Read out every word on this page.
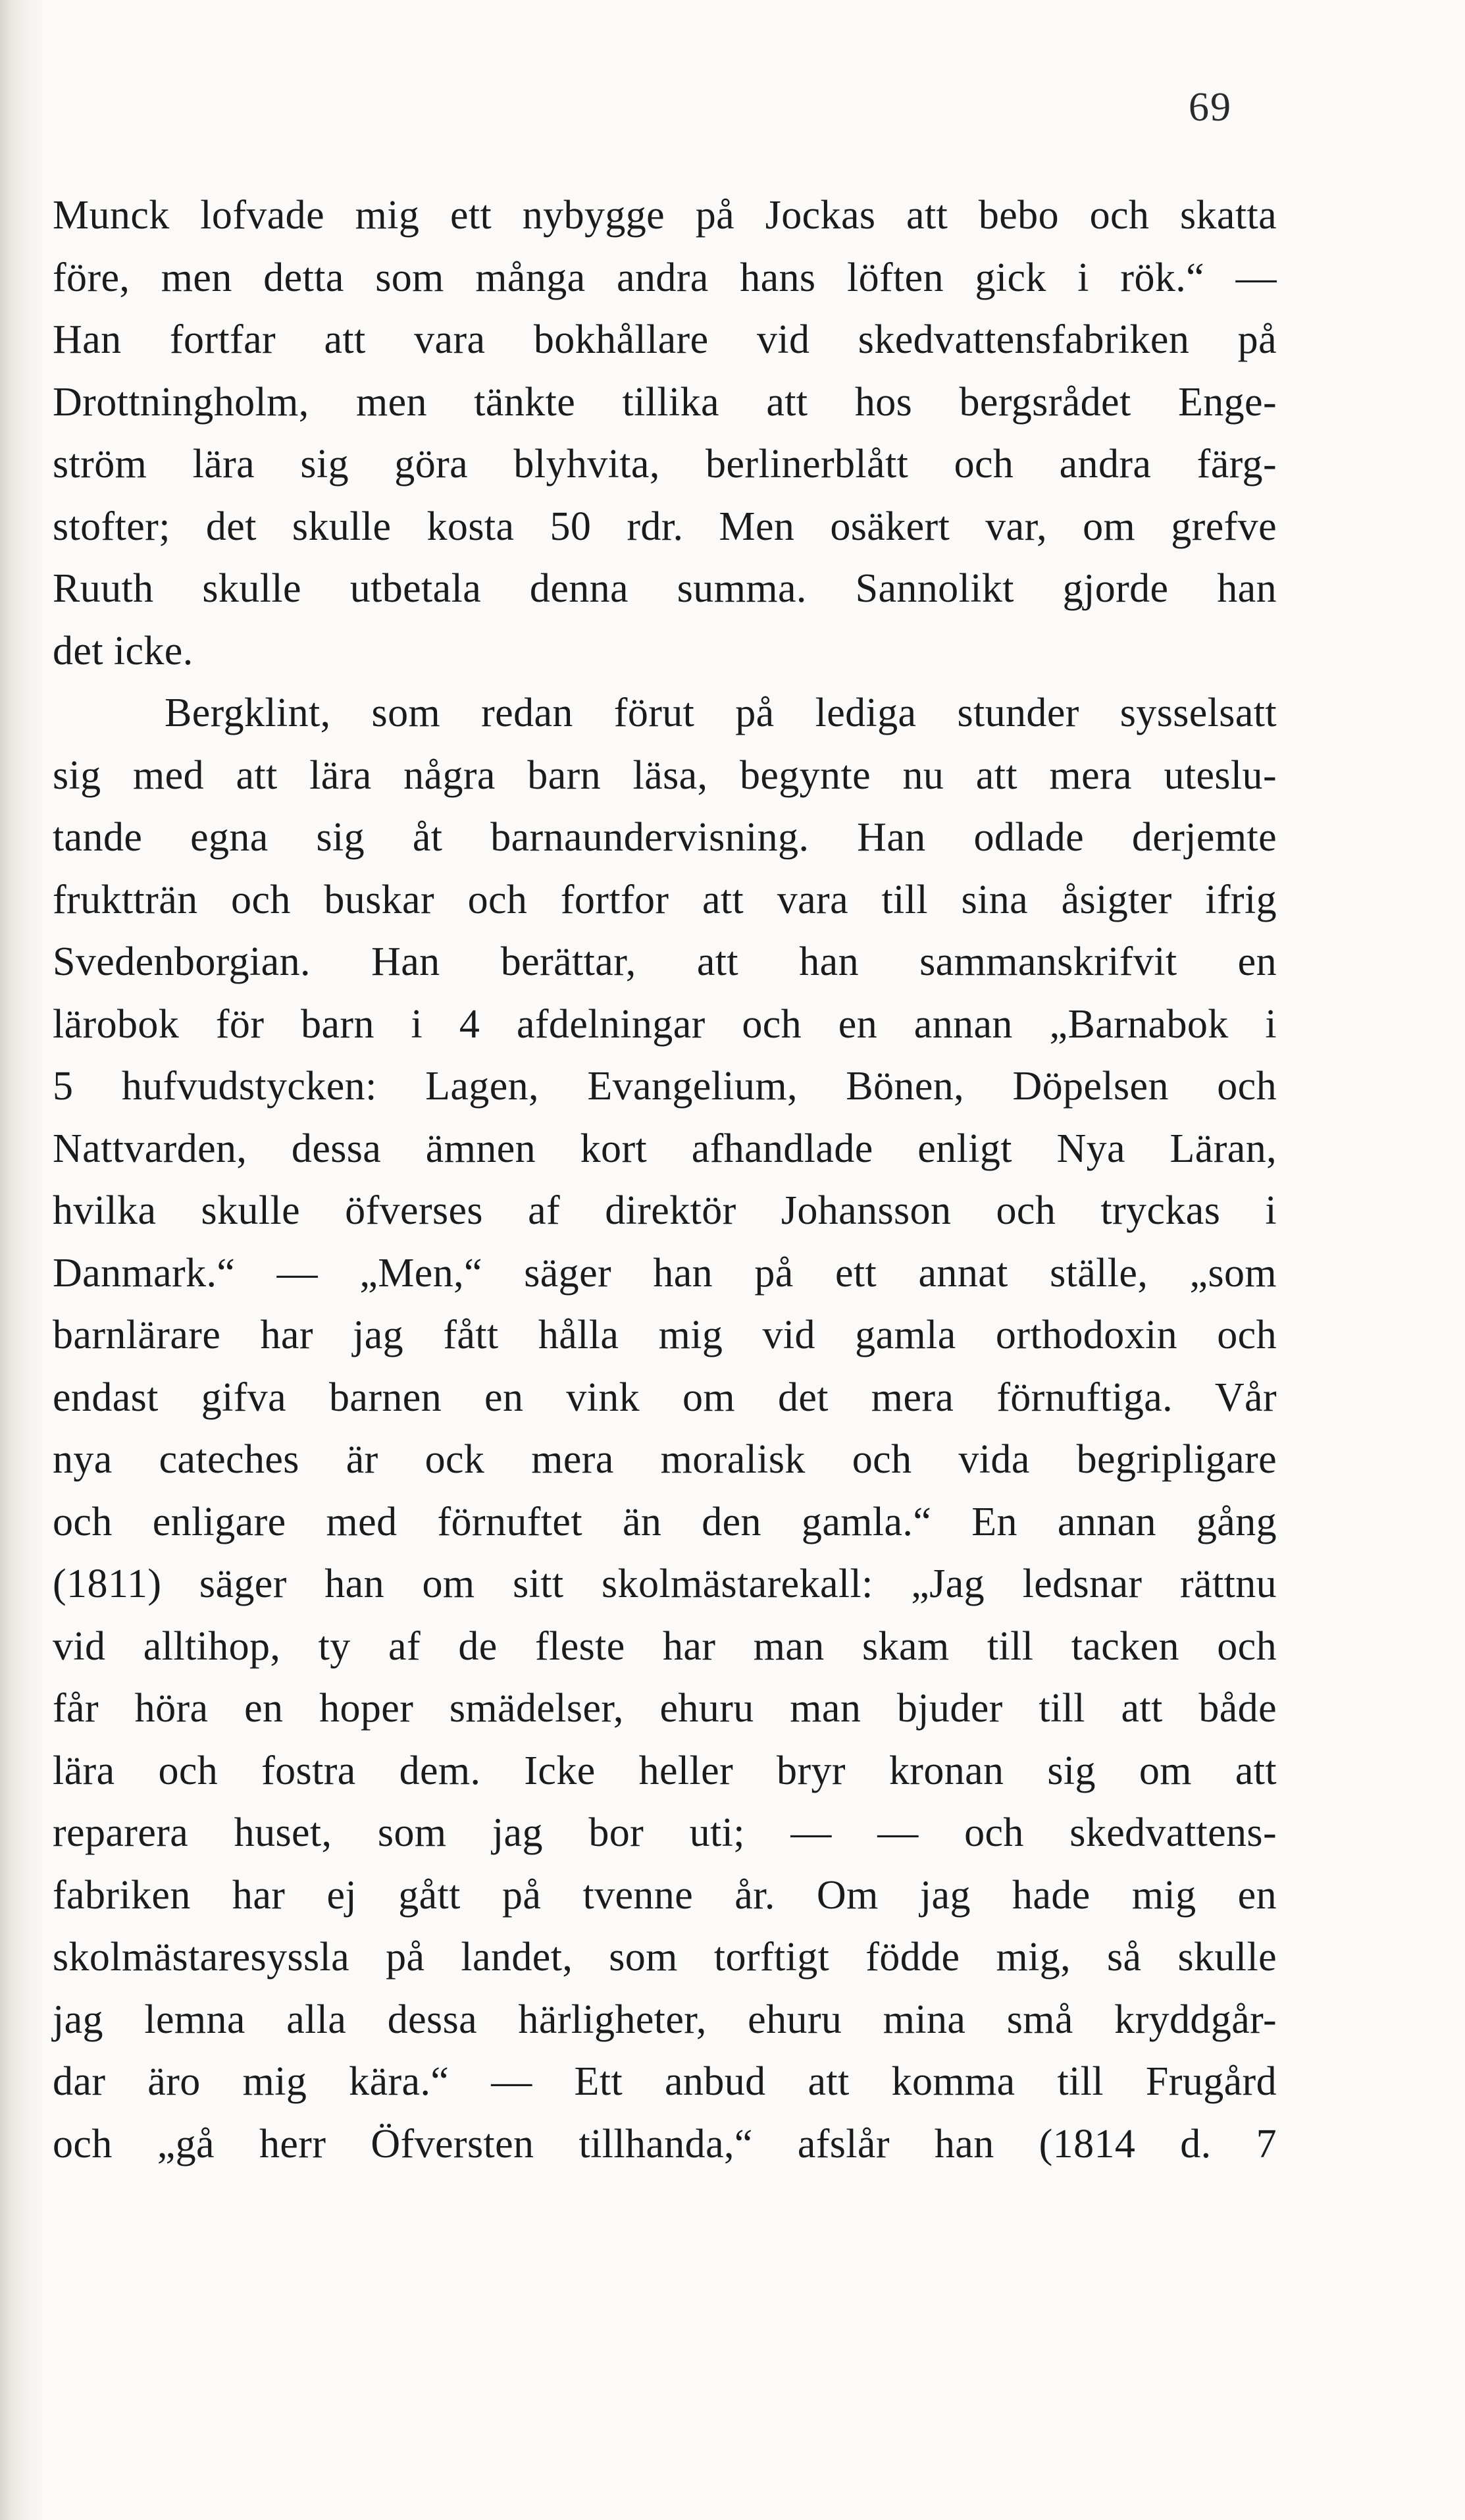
69
Munck lofvade mig ett nybygge på Jockas att bebo och skatta
före, men detta som många andra hans löften gick i rök.“ —
Han fortfar att vara bokhållare vid skedvattensfabriken på
Drottningholm, men tänkte tillika att hos bergsrådet Enge-
ström lära sig göra blyhvita, berlinerblått och andra färg-
stofter; det skulle kosta 50 rdr. Men osäkert var, om grefve
Ruuth skulle utbetala denna summa. Sannolikt gjorde han
det icke.
Bergklint, som redan förut på lediga stunder sysselsatt
sig med att lära några barn läsa, begynte nu att mera uteslu-
tande egna sig åt barnaundervisning. Han odlade derjemte
fruktträn och buskar och fortfor att vara till sina åsigter ifrig
Svedenborgian. Han berättar, att han sammanskrifvit en
lärobok för barn i 4 afdelningar och en annan „Barnabok i
5 hufvudstycken: Lagen, Evangelium, Bönen, Döpelsen och
Nattvarden, dessa ämnen kort afhandlade enligt Nya Läran,
hvilka skulle öfverses af direktör Johansson och tryckas i
Danmark.“ — „Men,“ säger han på ett annat ställe, „som
barnlärare har jag fått hålla mig vid gamla orthodoxin och
endast gifva barnen en vink om det mera förnuftiga. Vår
nya cateches är ock mera moralisk och vida begripligare
och enligare med förnuftet än den gamla.“ En annan gång
(1811) säger han om sitt skolmästarekall: „Jag ledsnar rättnu
vid alltihop, ty af de fleste har man skam till tacken och
får höra en hoper smädelser, ehuru man bjuder till att både
lära och fostra dem. Icke heller bryr kronan sig om att
reparera huset, som jag bor uti; — — och skedvattens-
fabriken har ej gått på tvenne år. Om jag hade mig en
skolmästaresyssla på landet, som torftigt födde mig, så skulle
jag lemna alla dessa härligheter, ehuru mina små kryddgår-
dar äro mig kära.“ — Ett anbud att komma till Frugård
och „gå herr Öfversten tillhanda,“ afslår han (1814 d. 7
